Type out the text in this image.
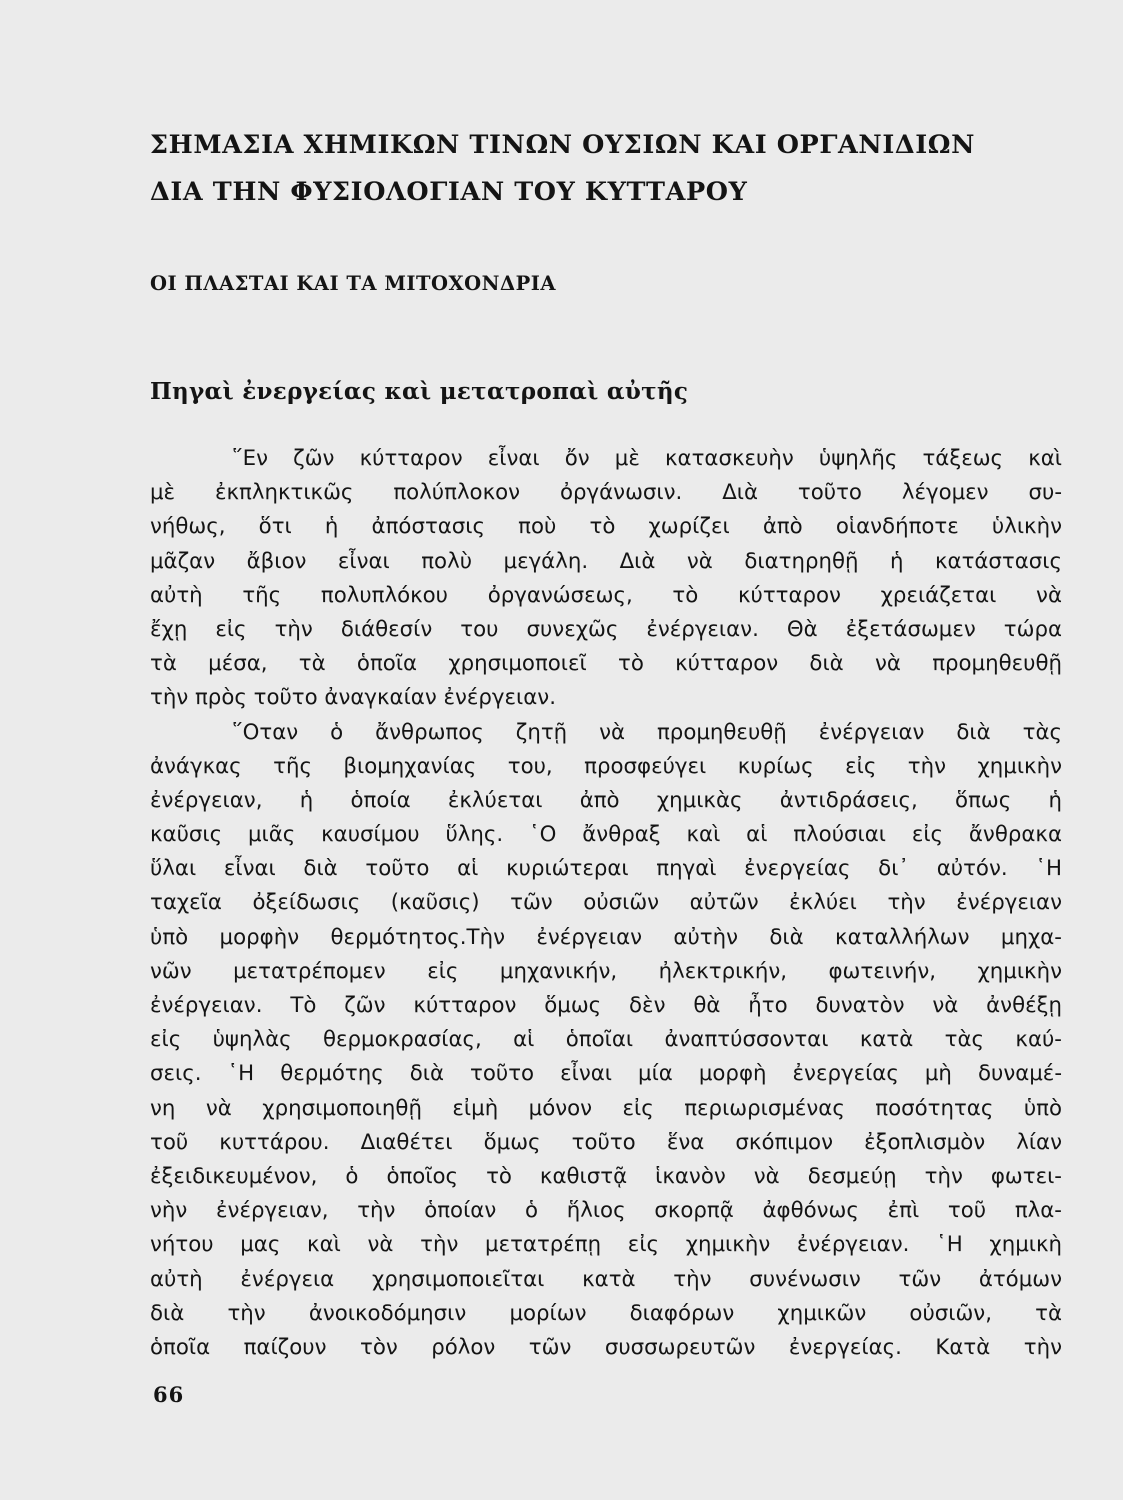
ΣΗΜΑΣΙΑ ΧΗΜΙΚΩΝ ΤΙΝΩΝ ΟΥΣΙΩΝ ΚΑΙ ΟΡΓΑΝΙΔΙΩΝ
ΔΙΑ ΤΗΝ ΦΥΣΙΟΛΟΓΙΑΝ ΤΟΥ ΚΥΤΤΑΡΟΥ
ΟΙ ΠΛΑΣΤΑΙ ΚΑΙ ΤΑ ΜΙΤΟΧΟΝΔΡΙΑ
Πηγαὶ ἐνεργείας καὶ μετατροπαὶ αὐτῆς
῞Εν ζῶν κύτταρον εἶναι ὄν μὲ κατασκευὴν ὑψηλῆς τάξεως καὶ
μὲ ἐκπληκτικῶς πολύπλοκον ὀργάνωσιν. Διὰ τοῦτο λέγομεν συ-
νήθως, ὅτι ἡ ἀπόστασις ποὺ τὸ χωρίζει ἀπὸ οἱανδήποτε ὑλικὴν
μᾶζαν ἄβιον εἶναι πολὺ μεγάλη. Διὰ νὰ διατηρηθῇ ἡ κατάστασις
αὐτὴ τῆς πολυπλόκου ὀργανώσεως, τὸ κύτταρον χρειάζεται νὰ
ἔχῃ εἰς τὴν διάθεσίν του συνεχῶς ἐνέργειαν. Θὰ ἐξετάσωμεν τώρα
τὰ μέσα, τὰ ὁποῖα χρησιμοποιεῖ τὸ κύτταρον διὰ νὰ προμηθευθῇ
τὴν πρὸς τοῦτο ἀναγκαίαν ἐνέργειαν.
῞Οταν ὁ ἄνθρωπος ζητῇ νὰ προμηθευθῇ ἐνέργειαν διὰ τὰς
ἀνάγκας τῆς βιομηχανίας του, προσφεύγει κυρίως εἰς τὴν χημικὴν
ἐνέργειαν, ἡ ὁποία ἐκλύεται ἀπὸ χημικὰς ἀντιδράσεις, ὅπως ἡ
καῦσις μιᾶς καυσίμου ὕλης. ῾Ο ἄνθραξ καὶ αἱ πλούσιαι εἰς ἄνθρακα
ὕλαι εἶναι διὰ τοῦτο αἱ κυριώτεραι πηγαὶ ἐνεργείας δι᾽ αὐτόν. ῾Η
ταχεῖα ὀξείδωσις (καῦσις) τῶν οὐσιῶν αὐτῶν ἐκλύει τὴν ἐνέργειαν
ὑπὸ μορφὴν θερμότητος.Τὴν ἐνέργειαν αὐτὴν διὰ καταλλήλων μηχα-
νῶν μετατρέπομεν εἰς μηχανικήν, ἠλεκτρικήν, φωτεινήν, χημικὴν
ἐνέργειαν. Τὸ ζῶν κύτταρον ὅμως δὲν θὰ ἦτο δυνατὸν νὰ ἀνθέξῃ
εἰς ὑψηλὰς θερμοκρασίας, αἱ ὁποῖαι ἀναπτύσσονται κατὰ τὰς καύ-
σεις. ῾Η θερμότης διὰ τοῦτο εἶναι μία μορφὴ ἐνεργείας μὴ δυναμέ-
νη νὰ χρησιμοποιηθῇ εἰμὴ μόνον εἰς περιωρισμένας ποσότητας ὑπὸ
τοῦ κυττάρου. Διαθέτει ὅμως τοῦτο ἕνα σκόπιμον ἐξοπλισμὸν λίαν
ἐξειδικευμένον, ὁ ὁποῖος τὸ καθιστᾷ ἱκανὸν νὰ δεσμεύῃ τὴν φωτει-
νὴν ἐνέργειαν, τὴν ὁποίαν ὁ ἥλιος σκορπᾷ ἀφθόνως ἐπὶ τοῦ πλα-
νήτου μας καὶ νὰ τὴν μετατρέπῃ εἰς χημικὴν ἐνέργειαν. ῾Η χημικὴ
αὐτὴ ἐνέργεια χρησιμοποιεῖται κατὰ τὴν συνένωσιν τῶν ἀτόμων
διὰ τὴν ἀνοικοδόμησιν μορίων διαφόρων χημικῶν οὐσιῶν, τὰ
ὁποῖα παίζουν τὸν ρόλον τῶν συσσωρευτῶν ἐνεργείας. Κατὰ τὴν
66
